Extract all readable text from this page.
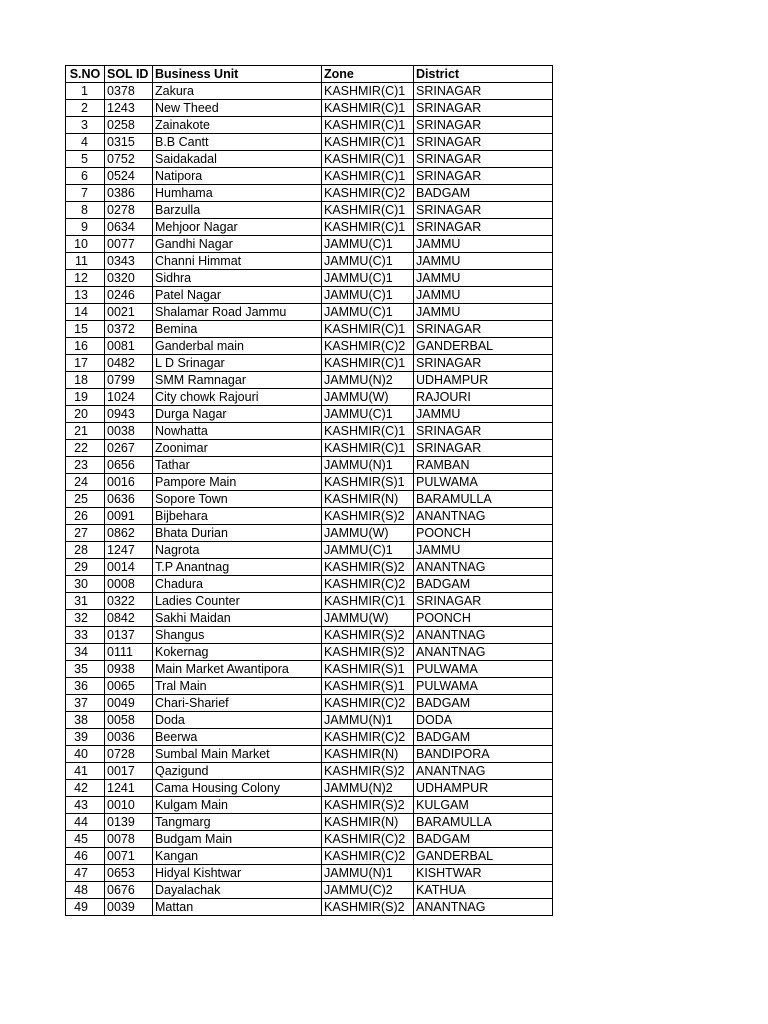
S.NO	SOL ID	Business Unit	Zone	District
1	0378	Zakura	KASHMIR(C)1	SRINAGAR
2	1243	New Theed	KASHMIR(C)1	SRINAGAR
3	0258	Zainakote	KASHMIR(C)1	SRINAGAR
4	0315	B.B Cantt	KASHMIR(C)1	SRINAGAR
5	0752	Saidakadal	KASHMIR(C)1	SRINAGAR
6	0524	Natipora	KASHMIR(C)1	SRINAGAR
7	0386	Humhama	KASHMIR(C)2	BADGAM
8	0278	Barzulla	KASHMIR(C)1	SRINAGAR
9	0634	Mehjoor Nagar	KASHMIR(C)1	SRINAGAR
10	0077	Gandhi Nagar	JAMMU(C)1	JAMMU
11	0343	Channi Himmat	JAMMU(C)1	JAMMU
12	0320	Sidhra	JAMMU(C)1	JAMMU
13	0246	Patel Nagar	JAMMU(C)1	JAMMU
14	0021	Shalamar Road Jammu	JAMMU(C)1	JAMMU
15	0372	Bemina	KASHMIR(C)1	SRINAGAR
16	0081	Ganderbal main	KASHMIR(C)2	GANDERBAL
17	0482	L D Srinagar	KASHMIR(C)1	SRINAGAR
18	0799	SMM Ramnagar	JAMMU(N)2	UDHAMPUR
19	1024	City chowk Rajouri	JAMMU(W)	RAJOURI
20	0943	Durga Nagar	JAMMU(C)1	JAMMU
21	0038	Nowhatta	KASHMIR(C)1	SRINAGAR
22	0267	Zoonimar	KASHMIR(C)1	SRINAGAR
23	0656	Tathar	JAMMU(N)1	RAMBAN
24	0016	Pampore Main	KASHMIR(S)1	PULWAMA
25	0636	Sopore Town	KASHMIR(N)	BARAMULLA
26	0091	Bijbehara	KASHMIR(S)2	ANANTNAG
27	0862	Bhata Durian	JAMMU(W)	POONCH
28	1247	Nagrota	JAMMU(C)1	JAMMU
29	0014	T.P Anantnag	KASHMIR(S)2	ANANTNAG
30	0008	Chadura	KASHMIR(C)2	BADGAM
31	0322	Ladies Counter	KASHMIR(C)1	SRINAGAR
32	0842	Sakhi Maidan	JAMMU(W)	POONCH
33	0137	Shangus	KASHMIR(S)2	ANANTNAG
34	0111	Kokernag	KASHMIR(S)2	ANANTNAG
35	0938	Main Market Awantipora	KASHMIR(S)1	PULWAMA
36	0065	Tral Main	KASHMIR(S)1	PULWAMA
37	0049	Chari-Sharief	KASHMIR(C)2	BADGAM
38	0058	Doda	JAMMU(N)1	DODA
39	0036	Beerwa	KASHMIR(C)2	BADGAM
40	0728	Sumbal Main Market	KASHMIR(N)	BANDIPORA
41	0017	Qazigund	KASHMIR(S)2	ANANTNAG
42	1241	Cama Housing Colony	JAMMU(N)2	UDHAMPUR
43	0010	Kulgam Main	KASHMIR(S)2	KULGAM
44	0139	Tangmarg	KASHMIR(N)	BARAMULLA
45	0078	Budgam Main	KASHMIR(C)2	BADGAM
46	0071	Kangan	KASHMIR(C)2	GANDERBAL
47	0653	Hidyal Kishtwar	JAMMU(N)1	KISHTWAR
48	0676	Dayalachak	JAMMU(C)2	KATHUA
49	0039	Mattan	KASHMIR(S)2	ANANTNAG
